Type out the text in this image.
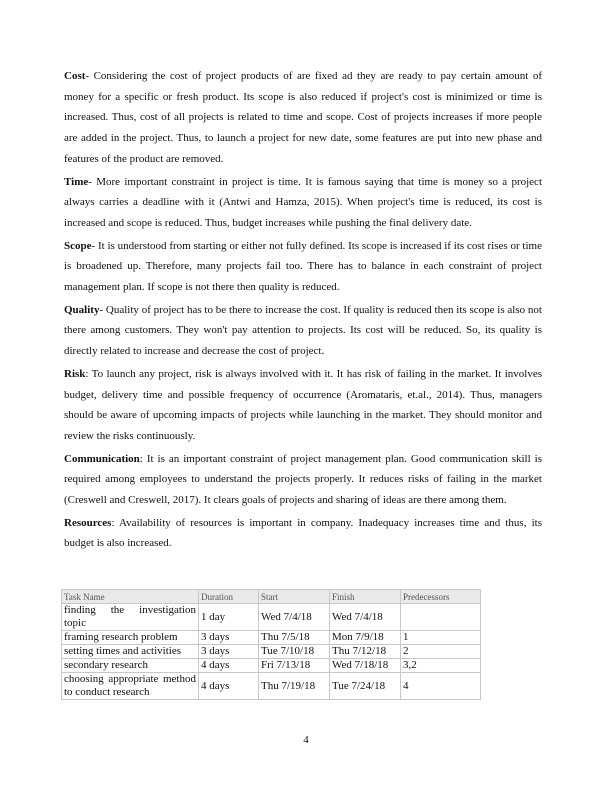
Cost- Considering the cost of project products of are fixed ad they are ready to pay certain amount of money for a specific or fresh product. Its scope is also reduced if project's cost is minimized or time is increased. Thus, cost of all projects is related to time and scope. Cost of projects increases if more people are added in the project. Thus, to launch a project for new date, some features are put into new phase and features of the product are removed.

Time- More important constraint in project is time. It is famous saying that time is money so a project always carries a deadline with it (Antwi and Hamza, 2015). When project's time is reduced, its cost is increased and scope is reduced. Thus, budget increases while pushing the final delivery date.

Scope- It is understood from starting or either not fully defined. Its scope is increased if its cost rises or time is broadened up. Therefore, many projects fail too. There has to balance in each constraint of project management plan. If scope is not there then quality is reduced.

Quality- Quality of project has to be there to increase the cost. If quality is reduced then its scope is also not there among customers. They won't pay attention to projects. Its cost will be reduced. So, its quality is directly related to increase and decrease the cost of project.

Risk: To launch any project, risk is always involved with it. It has risk of failing in the market. It involves budget, delivery time and possible frequency of occurrence (Aromataris, et.al., 2014). Thus, managers should be aware of upcoming impacts of projects while launching in the market. They should monitor and review the risks continuously.

Communication: It is an important constraint of project management plan. Good communication skill is required among employees to understand the projects properly. It reduces risks of failing in the market (Creswell and Creswell, 2017). It clears goals of projects and sharing of ideas are there among them.

Resources: Availability of resources is important in company. Inadequacy increases time and thus, its budget is also increased.

Task Name	Duration	Start	Finish	Predecessors
finding the investigation topic	1 day	Wed 7/4/18	Wed 7/4/18	
framing research problem	3 days	Thu 7/5/18	Mon 7/9/18	1
setting times and activities	3 days	Tue 7/10/18	Thu 7/12/18	2
secondary research	4 days	Fri 7/13/18	Wed 7/18/18	3,2
choosing appropriate method to conduct research	4 days	Thu 7/19/18	Tue 7/24/18	4
4
